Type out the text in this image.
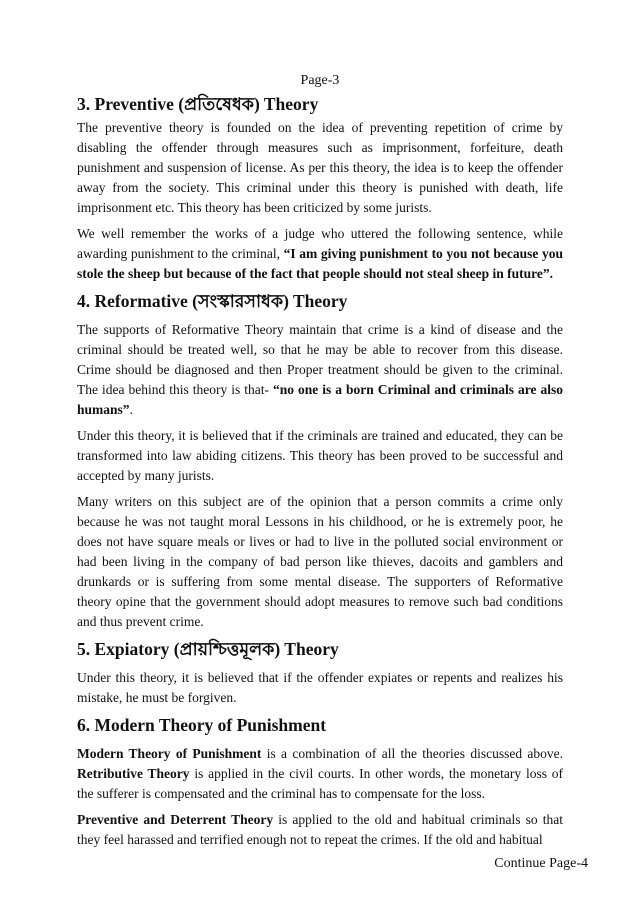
Page-3
3. Preventive (প্রতিষেধক) Theory

The preventive theory is founded on the idea of preventing repetition of crime by disabling the offender through measures such as imprisonment, forfeiture, death punishment and suspension of license. As per this theory, the idea is to keep the offender away from the society. This criminal under this theory is punished with death, life imprisonment etc. This theory has been criticized by some jurists.

We well remember the works of a judge who uttered the following sentence, while awarding punishment to the criminal, “I am giving punishment to you not because you stole the sheep but because of the fact that people should not steal sheep in future”.

4. Reformative (সংস্কারসাধক) Theory

The supports of Reformative Theory maintain that crime is a kind of disease and the criminal should be treated well, so that he may be able to recover from this disease. Crime should be diagnosed and then Proper treatment should be given to the criminal. The idea behind this theory is that- “no one is a born Criminal and criminals are also humans”.

Under this theory, it is believed that if the criminals are trained and educated, they can be transformed into law abiding citizens. This theory has been proved to be successful and accepted by many jurists.

Many writers on this subject are of the opinion that a person commits a crime only because he was not taught moral Lessons in his childhood, or he is extremely poor, he does not have square meals or lives or had to live in the polluted social environment or had been living in the company of bad person like thieves, dacoits and gamblers and drunkards or is suffering from some mental disease. The supporters of Reformative theory opine that the government should adopt measures to remove such bad conditions and thus prevent crime.

5. Expiatory (প্রায়শ্চিত্তমূলক) Theory

Under this theory, it is believed that if the offender expiates or repents and realizes his mistake, he must be forgiven.

6. Modern Theory of Punishment

Modern Theory of Punishment is a combination of all the theories discussed above. Retributive Theory is applied in the civil courts. In other words, the monetary loss of the sufferer is compensated and the criminal has to compensate for the loss.

Preventive and Deterrent Theory is applied to the old and habitual criminals so that they feel harassed and terrified enough not to repeat the crimes. If the old and habitual

Continue Page-4
